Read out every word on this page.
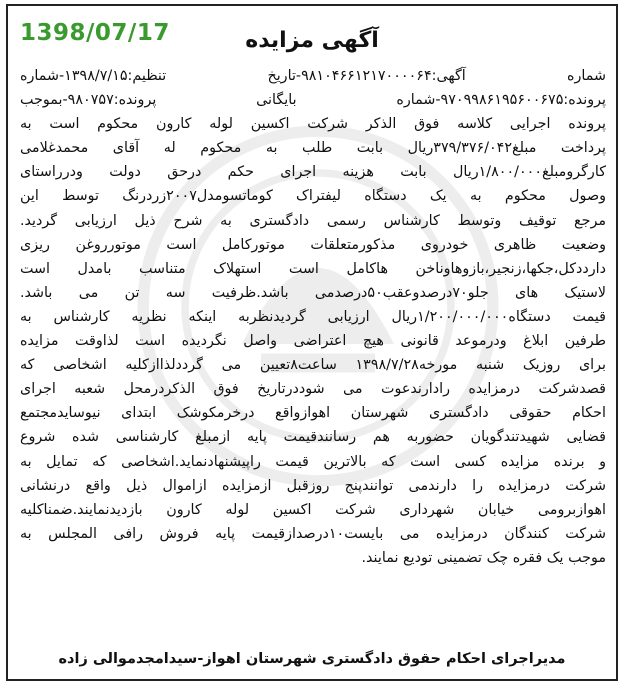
1398/07/17	آگهی مزایده
شماره آگهی:۹۸۱۰۴۶۶۱۲۱۷۰۰۰۰۶۴-تاریخ تنظیم:۱۳۹۸/۷/۱۵-شماره
پرونده:۹۷۰۹۹۸۶۱۹۵۶۰۰۶۷۵-شماره بایگانی پرونده:۹۸۰۷۵۷-بموجب
پرونده اجرایی کلاسه فوق الذکر شرکت اکسین لوله کارون محکوم است به
پرداخت مبلغ۳۷۹/۳۷۶/۰۴۲ریال بابت طلب به محکوم له آقای محمدغلامی
کارگرومبلغ۱/۸۰۰/۰۰۰ریال بابت هزینه اجرای حکم درحق دولت ودرراستای
وصول محکوم به یک دستگاه لیفتراک کوماتسومدل۲۰۰۷زردرنگ توسط این
مرجع توقیف وتوسط کارشناس رسمی دادگستری به شرح ذیل ارزیابی گردید.
وضعیت ظاهری خودروی مذکورمتعلقات موتورکامل است موتورروغن ریزی
دارددکل،جکها،زنجیر،بازوهاوناخن هاکامل است استهلاک متناسب بامدل است
لاستیک های جلو۷۰درصدوعقب۵۰درصدمی باشد.ظرفیت سه تن می باشد.
قیمت دستگاه۱/۲۰۰/۰۰۰/۰۰۰ریال ارزیابی گردیدنظربه اینکه نظریه کارشناس به
طرفین ابلاغ ودرموعد قانونی هیچ اعتراضی واصل نگردیده است لذاوقت مزایده
برای روزیک شنبه مورخه۱۳۹۸/۷/۲۸ ساعت۸تعیین می گرددلذاازکلیه اشخاصی که
قصدشرکت درمزایده رادارندعوت می شوددرتاریخ فوق الذکردرمحل شعبه اجرای
احکام حقوقی دادگستری شهرستان اهوازواقع درخرمکوشک ابتدای نیوسایدمجتمع
قضایی شهیدتندگویان حضوربه هم رسانندقیمت پایه ازمبلغ کارشناسی شده شروع
و برنده مزایده کسی است که بالاترین قیمت راپیشنهادنماید.اشخاصی که تمایل به
شرکت درمزایده را دارندمی توانندپنج روزقبل ازمزایده ازاموال ذیل واقع درنشانی
اهوازبرومی خیابان شهرداری شرکت اکسین لوله کارون بازدیدنمایند.ضمناکلیه
شرکت کنندگان درمزایده می بایست۱۰درصدازقیمت پایه فروش رافی المجلس به
موجب یک فقره چک تضمینی تودیع نمایند.
مدیراجرای احکام حقوق دادگستری شهرستان اهواز-سیدامجدموالی زاده
